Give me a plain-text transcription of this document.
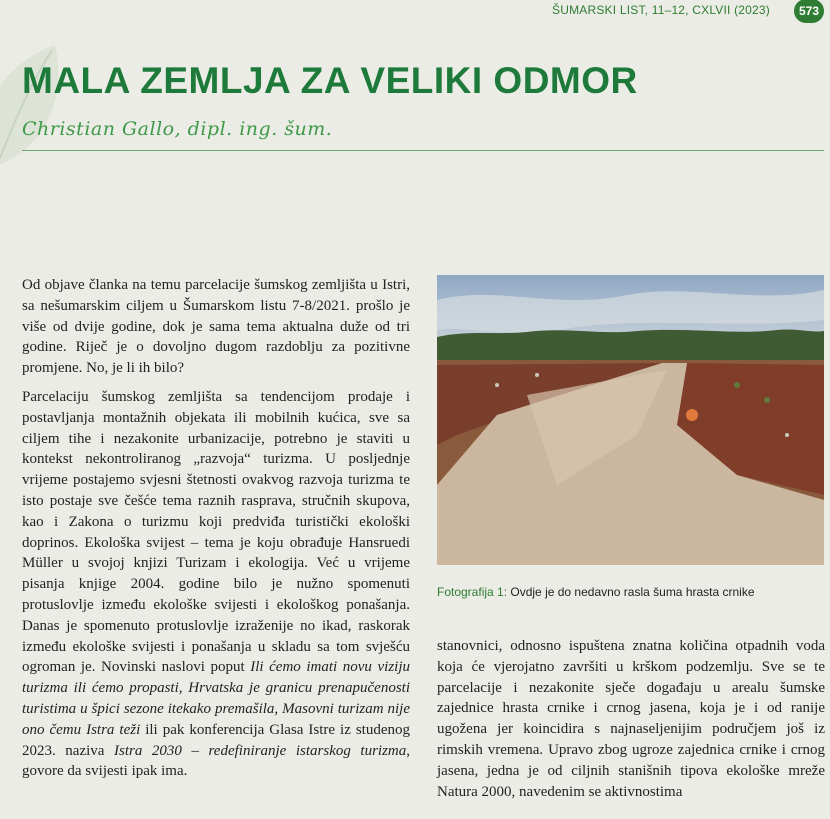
ŠUMARSKI LIST, 11–12, CXLVII (2023)	573
MALA ZEMLJA ZA VELIKI ODMOR
Christian Gallo, dipl. ing. šum.

Od objave članka na temu parcelacije šumskog zemljišta u Istri, sa nešumarskim ciljem u Šumarskom listu 7-8/2021. prošlo je više od dvije godine, dok je sama tema aktualna duže od tri godine. Riječ je o dovoljno dugom razdoblju za pozitivne promjene. No, je li ih bilo?

Parcelaciju šumskog zemljišta sa tendencijom prodaje i postavljanja montažnih objekata ili mobilnih kućica, sve sa ciljem tihe i nezakonite urbanizacije, potrebno je staviti u kontekst nekontroliranog „razvoja“ turizma. U posljednje vrijeme postajemo svjesni štetnosti ovakvog razvoja turizma te isto postaje sve češće tema raznih rasprava, stručnih skupova, kao i Zakona o turizmu koji predviđa turistički ekološki doprinos. Ekološka svijest – tema je koju obrađuje Hansruedi Müller u svojoj knjizi Turizam i ekologija. Već u vrijeme pisanja knjige 2004. godine bilo je nužno spomenuti protuslovlje između ekološke svijesti i ekološkog ponašanja. Danas je spomenuto protuslovlje izraženije no ikad, raskorak između ekološke svijesti i ponašanja u skladu sa tom svješću ogroman je. Novinski naslovi poput Ili ćemo imati novu viziju turizma ili ćemo propasti, Hrvatska je granicu prenapučenosti turistima u špici sezone itekako premašila, Masovni turizam nije ono čemu Istra teži ili pak konferencija Glasa Istre iz studenog 2023. naziva Istra 2030 – redefiniranje istarskog turizma, govore da svijesti ipak ima.

Fotografija 1: Ovdje je do nedavno rasla šuma hrasta crnike

stanovnici, odnosno ispuštena znatna količina otpadnih voda koja će vjerojatno završiti u krškom podzemlju. Sve se te parcelacije i nezakonite sječe događaju u arealu šumske zajednice hrasta crnike i crnog jasena, koja je i od ranije ugožena jer koincidira s najnaseljenijim područjem još iz rimskih vremena. Upravo zbog ugroze zajednica crnike i crnog jasena, jedna je od ciljnih stanišnih tipova ekološke mreže Natura 2000, navedenim se aktivnostima
